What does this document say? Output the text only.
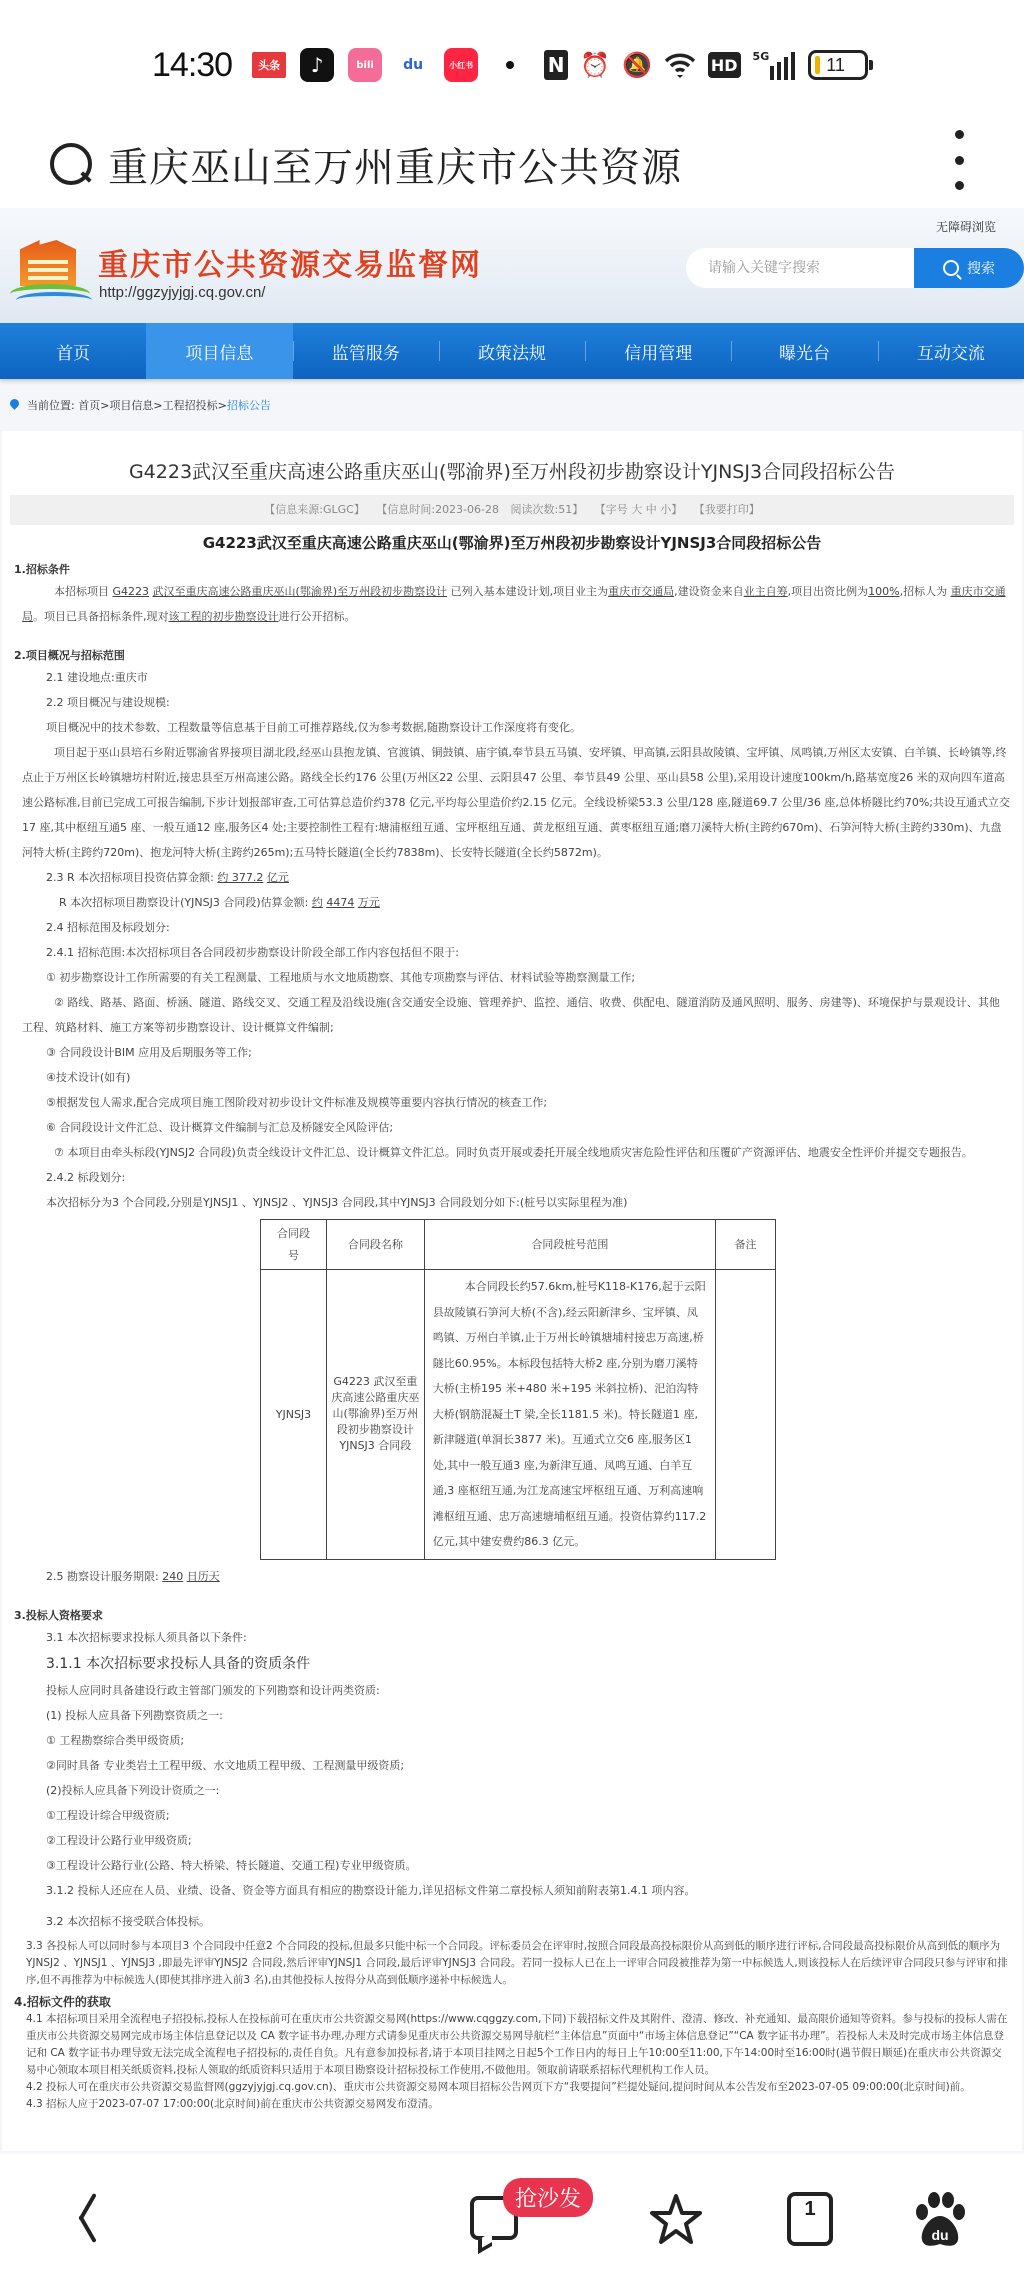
14:30	头条	♪	bili	du	小红书	N ⏰ 🔕	HD 5G	11
重庆巫山至万州重庆市公共资源
无障碍浏览
重庆市公共资源交易监督网
http://ggzyjyjgj.cq.gov.cn/
请输入关键字搜索
搜索
首页	项目信息	监管服务	政策法规	信用管理	曝光台	互动交流
当前位置:
首页> 项目信息> 工程招投标> 招标公告
G4223武汉至重庆高速公路重庆巫山(鄂渝界)至万州段初步勘察设计YJNSJ3合同段招标公告
【信息来源:GLGC】 【信息时间:2023-06-28 阅读次数:51】 【字号 大 中 小】 【我要打印】
G4223武汉至重庆高速公路重庆巫山(鄂渝界)至万州段初步勘察设计YJNSJ3合同段招标公告
1.招标条件
本招标项目 G4223 武汉至重庆高速公路重庆巫山(鄂渝界)至万州段初步勘察设计 已列入基本建设计划,项目业主为重庆市交通局,建设资金来自业主自筹,项目出资比例为100%,招标人为 重庆市交通局。项目已具备招标条件,现对该工程的初步勘察设计进行公开招标。
2.项目概况与招标范围
2.1 建设地点:重庆市
2.2 项目概况与建设规模:
项目概况中的技术参数、工程数量等信息基于目前工可推荐路线,仅为参考数据,随勘察设计工作深度将有变化。
项目起于巫山县培石乡附近鄂渝省界接项目湖北段,经巫山县抱龙镇、官渡镇、铜鼓镇、庙宇镇,奉节县五马镇、安坪镇、甲高镇,云阳县故陵镇、宝坪镇、凤鸣镇,万州区太安镇、白羊镇、长岭镇等,终点止于万州区长岭镇塘坊村附近,接忠县至万州高速公路。路线全长约176 公里(万州区22 公里、云阳县47 公里、奉节县49 公里、巫山县58 公里),采用设计速度100km/h,路基宽度26 米的双向四车道高速公路标准,目前已完成工可报告编制,下步计划报部审查,工可估算总造价约378 亿元,平均每公里造价约2.15 亿元。全线设桥梁53.3 公里/128 座,隧道69.7 公里/36 座,总体桥隧比约70%;共设互通式立交17 座,其中枢纽互通5 座、一般互通12 座,服务区4 处;主要控制性工程有:塘浦枢纽互通、宝坪枢纽互通、黄龙枢纽互通、黄枣枢纽互通;磨刀溪特大桥(主跨约670m)、石笋河特大桥(主跨约330m)、九盘河特大桥(主跨约720m)、抱龙河特大桥(主跨约265m);五马特长隧道(全长约7838m)、长安特长隧道(全长约5872m)。
2.3 R 本次招标项目投资估算金额: 约 377.2 亿元
R 本次招标项目勘察设计(YJNSJ3 合同段)估算金额: 约 4474 万元
2.4 招标范围及标段划分:
2.4.1 招标范围:本次招标项目各合同段初步勘察设计阶段全部工作内容包括但不限于:
① 初步勘察设计工作所需要的有关工程测量、工程地质与水文地质勘察、其他专项勘察与评估、材料试验等勘察测量工作;
② 路线、路基、路面、桥涵、隧道、路线交叉、交通工程及沿线设施(含交通安全设施、管理养护、监控、通信、收费、供配电、隧道消防及通风照明、服务、房建等)、环境保护与景观设计、其他工程、筑路材料、施工方案等初步勘察设计、设计概算文件编制;
③ 合同段设计BIM 应用及后期服务等工作;
④技术设计(如有)
⑤根据发包人需求,配合完成项目施工图阶段对初步设计文件标准及规模等重要内容执行情况的核查工作;
⑥ 合同段设计文件汇总、设计概算文件编制与汇总及桥隧安全风险评估;
⑦ 本项目由牵头标段(YJNSJ2 合同段)负责全线设计文件汇总、设计概算文件汇总。同时负责开展或委托开展全线地质灾害危险性评估和压覆矿产资源评估、地震安全性评价并提交专题报告。
2.4.2 标段划分:
本次招标分为3 个合同段,分别是YJNSJ1 、YJNSJ2 、YJNSJ3 合同段,其中YJNSJ3 合同段划分如下:(桩号以实际里程为准)
合同段号	合同段名称	合同段桩号范围	备注
YJNSJ3	G4223 武汉至重庆高速公路重庆巫山(鄂渝界)至万州段初步勘察设计YJNSJ3 合同段	本合同段长约57.6km,桩号K118-K176,起于云阳县故陵镇石笋河大桥(不含),经云阳新津乡、宝坪镇、凤鸣镇、万州白羊镇,止于万州长岭镇塘埔村接忠万高速,桥隧比60.95%。本标段包括特大桥2 座,分别为磨刀溪特大桥(主桥195 米+480 米+195 米斜拉桥)、汜泊沟特大桥(钢筋混凝土T 梁,全长1181.5 米)。特长隧道1 座,新津隧道(单洞长3877 米)。互通式立交6 座,服务区1 处,其中一般互通3 座,为新津互通、凤鸣互通、白羊互通,3 座枢纽互通,为江龙高速宝坪枢纽互通、万利高速响滩枢纽互通、忠万高速塘埔枢纽互通。投资估算约117.2 亿元,其中建安费约86.3 亿元。	
2.5 勘察设计服务期限: 240 日历天
3.投标人资格要求
3.1 本次招标要求投标人须具备以下条件:
3.1.1 本次招标要求投标人具备的资质条件
投标人应同时具备建设行政主管部门颁发的下列勘察和设计两类资质:
(1) 投标人应具备下列勘察资质之一:
① 工程勘察综合类甲级资质;
②同时具备 专业类岩土工程甲级、水文地质工程甲级、工程测量甲级资质;
(2)投标人应具备下列设计资质之一:
①工程设计综合甲级资质;
②工程设计公路行业甲级资质;
③工程设计公路行业(公路、特大桥梁、特长隧道、交通工程)专业甲级资质。
3.1.2 投标人还应在人员、业绩、设备、资金等方面具有相应的勘察设计能力,详见招标文件第二章投标人须知前附表第1.4.1 项内容。
3.2 本次招标不接受联合体投标。
3.3 各投标人可以同时参与本项目3 个合同段中任意2 个合同段的投标,但最多只能中标一个合同段。评标委员会在评审时,按照合同段最高投标限价从高到低的顺序进行评标,合同段最高投标限价从高到低的顺序为YJNSJ2 、YJNSJ1 、YJNSJ3 ,即最先评审YJNSJ2 合同段,然后评审YJNSJ1 合同段,最后评审YJNSJ3 合同段。若同一投标人已在上一评审合同段被推荐为第一中标候选人,则该投标人在后续评审合同段只参与评审和排序,但不再推荐为中标候选人(即使其排序进入前3 名),由其他投标人按得分从高到低顺序递补中标候选人。
4.招标文件的获取
4.1 本招标项目采用全流程电子招投标,投标人在投标前可在重庆市公共资源交易网(https://www.cqggzy.com,下同)下载招标文件及其附件、澄清、修改、补充通知、最高限价通知等资料。参与投标的投标人需在重庆市公共资源交易网完成市场主体信息登记以及 CA 数字证书办理,办理方式请参见重庆市公共资源交易网导航栏“主体信息”页面中“市场主体信息登记”“CA 数字证书办理”。若投标人未及时完成市场主体信息登记和 CA 数字证书办理导致无法完成全流程电子招投标的,责任自负。凡有意参加投标者,请于本项目挂网之日起5个工作日内的每日上午10:00至11:00,下午14:00时至16:00时(遇节假日顺延)在重庆市公共资源交易中心领取本项目相关纸质资料,投标人领取的纸质资料只适用于本项目勘察设计招标投标工作使用,不做他用。领取前请联系招标代理机构工作人员。
4.2 投标人可在重庆市公共资源交易监督网(ggzyjyjgj.cq.gov.cn)、重庆市公共资源交易网本项目招标公告网页下方“我要提问”栏提处疑问,提问时间从本公告发布至2023-07-05 09:00:00(北京时间)前。
4.3 招标人应于2023-07-07 17:00:00(北京时间)前在重庆市公共资源交易网发布澄清。
抢沙发	1
du
